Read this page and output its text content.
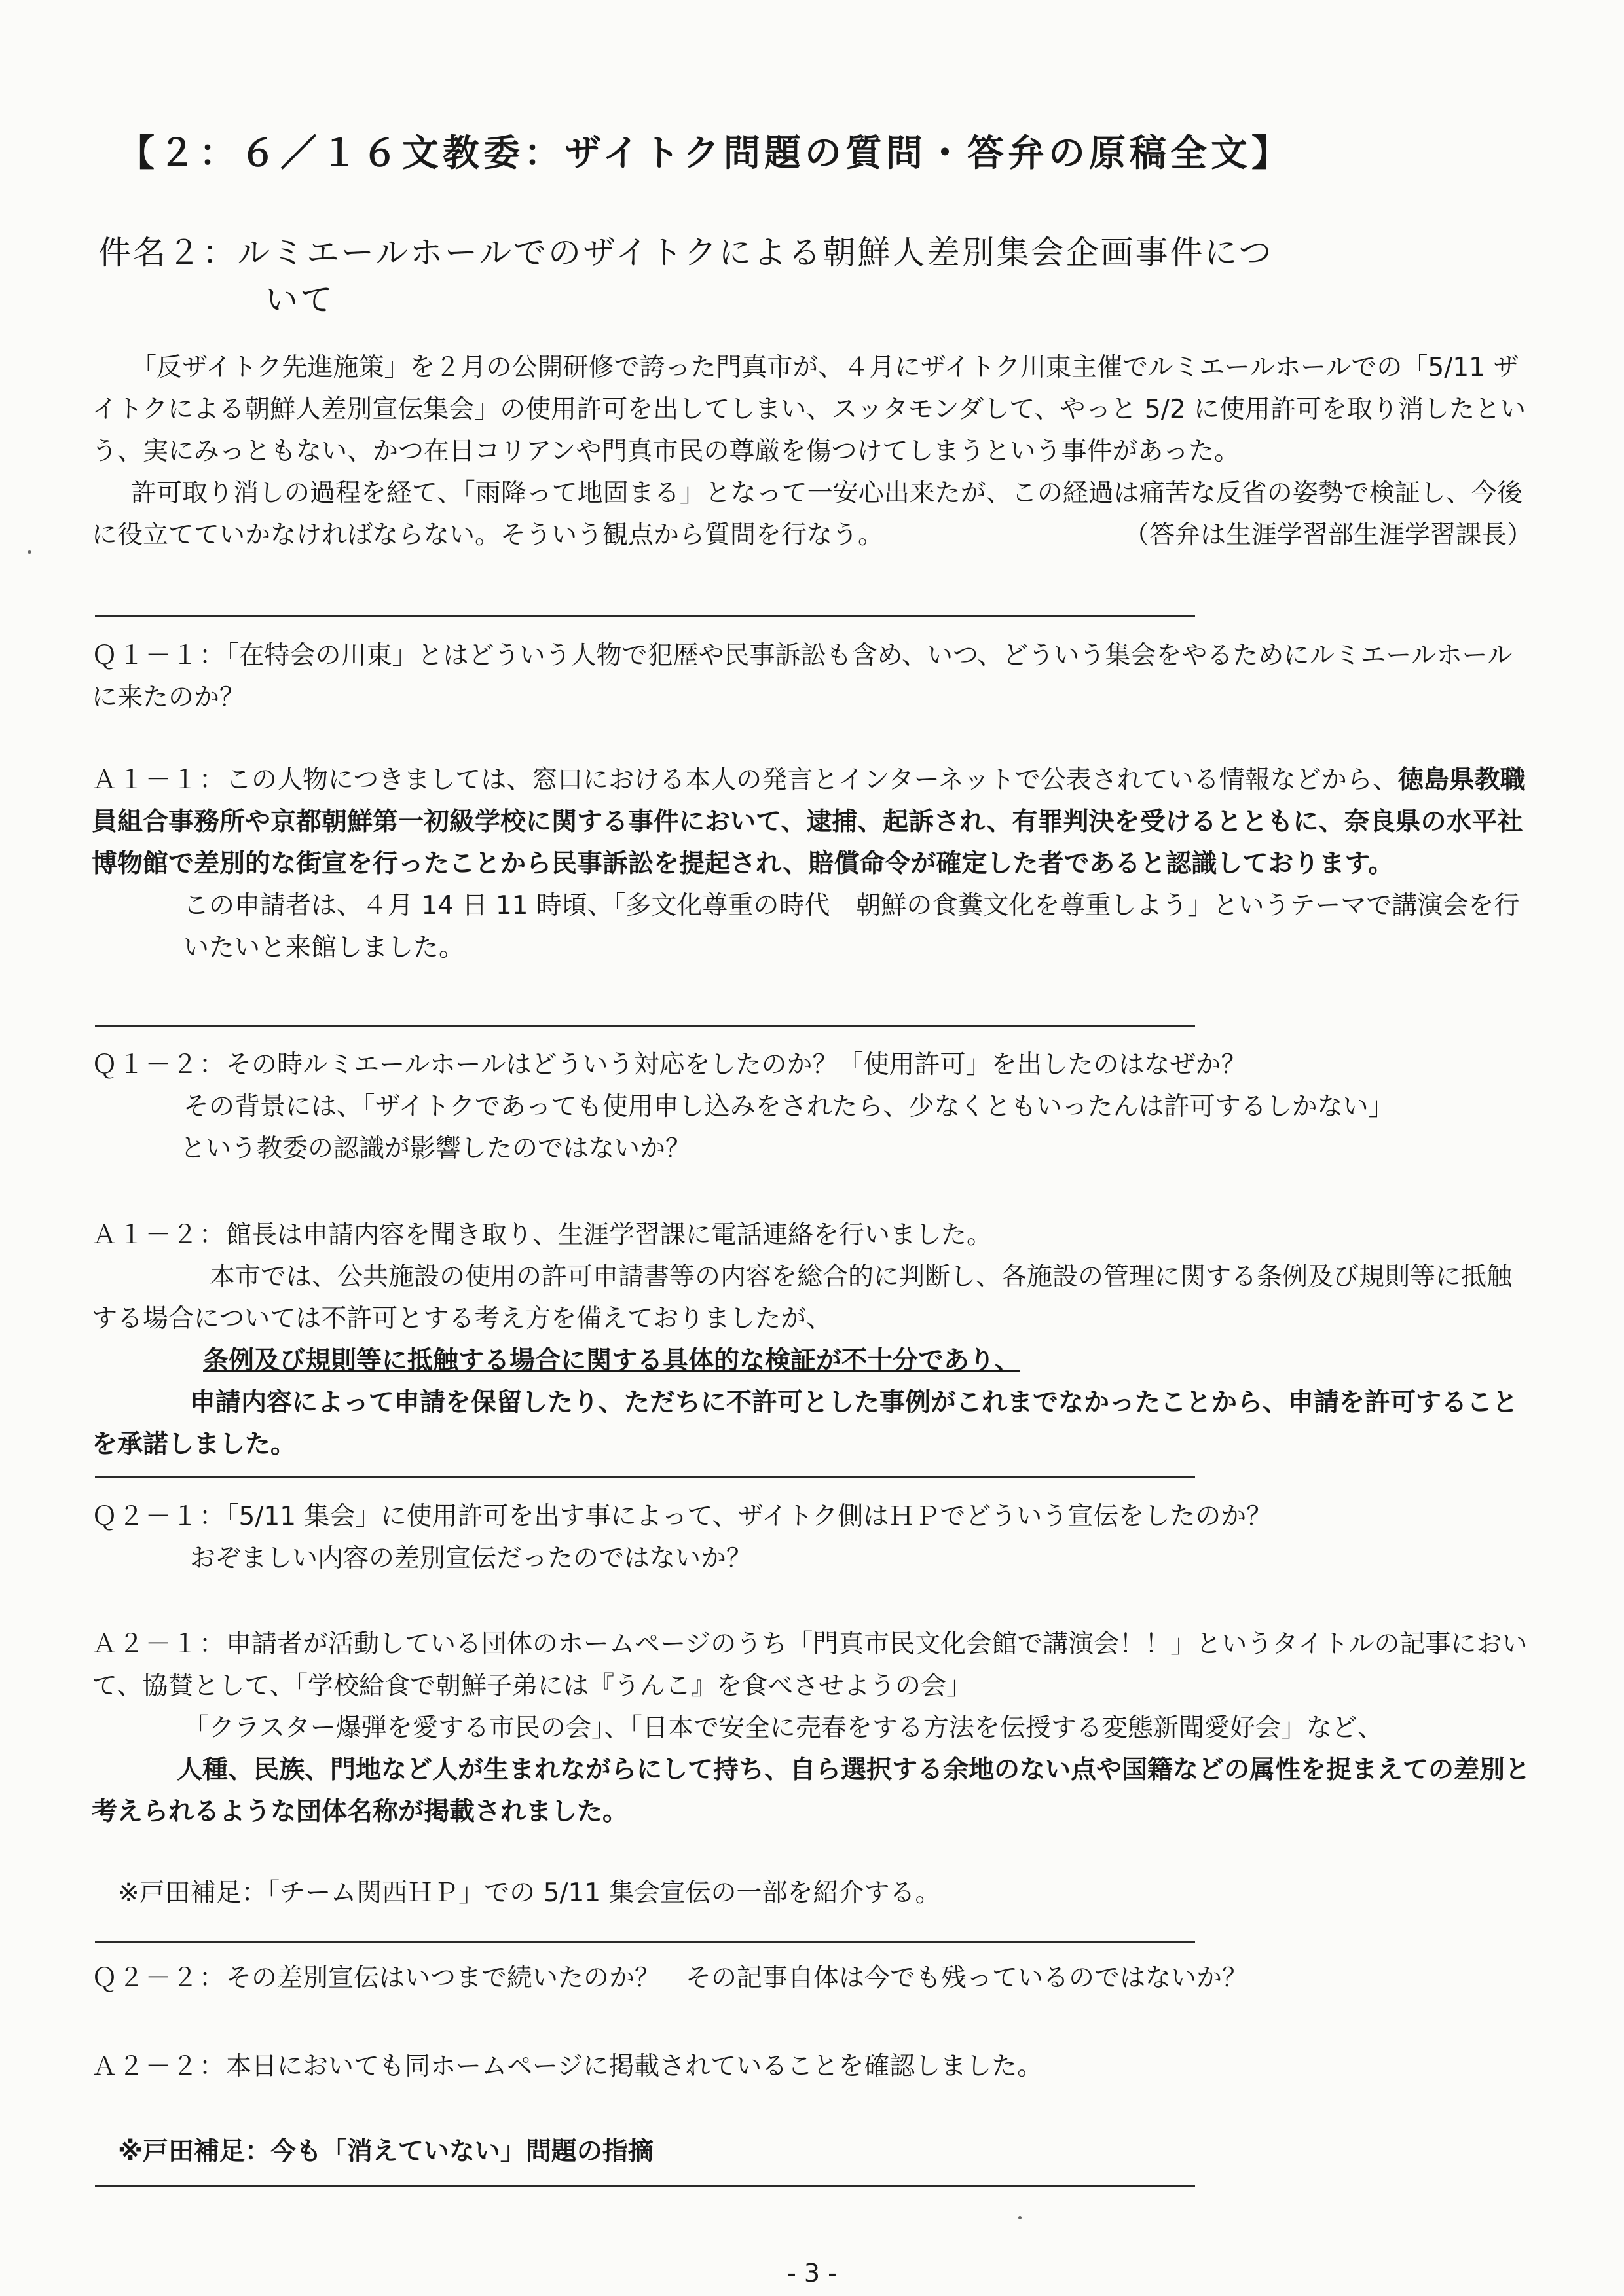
【２：６／１６文教委：ザイトク問題の質問・答弁の原稿全文】
件名２：ルミエールホールでのザイトクによる朝鮮人差別集会企画事件につ
いて

「反ザイトク先進施策」を２月の公開研修で誇った門真市が、４月にザイトク川東主催でルミエールホールでの「5/11 ザイトクによる朝鮮人差別宣伝集会」の使用許可を出してしまい、スッタモンダして、やっと 5/2 に使用許可を取り消したという、実にみっともない、かつ在日コリアンや門真市民の尊厳を傷つけてしまうという事件があった。

許可取り消しの過程を経て、「雨降って地固まる」となって一安心出来たが、この経過は痛苦な反省の姿勢で検証し、今後に役立てていかなければならない。そういう観点から質問を行なう。　	（答弁は生涯学習部生涯学習課長）

Ｑ１－１：「在特会の川東」とはどういう人物で犯歴や民事訴訟も含め、いつ、どういう集会をやるためにルミエールホールに来たのか？

Ａ１－１：この人物につきましては、窓口における本人の発言とインターネットで公表されている情報などから、徳島県教職員組合事務所や京都朝鮮第一初級学校に関する事件において、逮捕、起訴され、有罪判決を受けるとともに、奈良県の水平社博物館で差別的な街宣を行ったことから民事訴訟を提起され、賠償命令が確定した者であると認識しております。

この申請者は、４月 14 日 11 時頃、「多文化尊重の時代　朝鮮の食糞文化を尊重しよう」というテーマで講演会を行いたいと来館しました。

Ｑ１－２：その時ルミエールホールはどういう対応をしたのか？「使用許可」を出したのはなぜか？

その背景には、「ザイトクであっても使用申し込みをされたら、少なくともいったんは許可するしかない」

という教委の認識が影響したのではないか？

Ａ１－２：館長は申請内容を聞き取り、生涯学習課に電話連絡を行いました。

本市では、公共施設の使用の許可申請書等の内容を総合的に判断し、各施設の管理に関する条例及び規則等に抵触する場合については不許可とする考え方を備えておりましたが、

条例及び規則等に抵触する場合に関する具体的な検証が不十分であり、

申請内容によって申請を保留したり、ただちに不許可とした事例がこれまでなかったことから、申請を許可することを承諾しました。

Ｑ２－１：「5/11 集会」に使用許可を出す事によって、ザイトク側はＨＰでどういう宣伝をしたのか？

おぞましい内容の差別宣伝だったのではないか？

Ａ２－１：申請者が活動している団体のホームページのうち「門真市民文化会館で講演会！！」というタイトルの記事において、協賛として、「学校給食で朝鮮子弟には『うんこ』を食べさせようの会」

「クラスター爆弾を愛する市民の会」、「日本で安全に売春をする方法を伝授する変態新聞愛好会」など、

人種、民族、門地など人が生まれながらにして持ち、自ら選択する余地のない点や国籍などの属性を捉まえての差別と考えられるような団体名称が掲載されました。

※戸田補足：「チーム関西ＨＰ」での 5/11 集会宣伝の一部を紹介する。

Ｑ２－２：その差別宣伝はいつまで続いたのか？　その記事自体は今でも残っているのではないか？

Ａ２－２：本日においても同ホームページに掲載されていることを確認しました。

※戸田補足：今も「消えていない」問題の指摘

- 3 -
